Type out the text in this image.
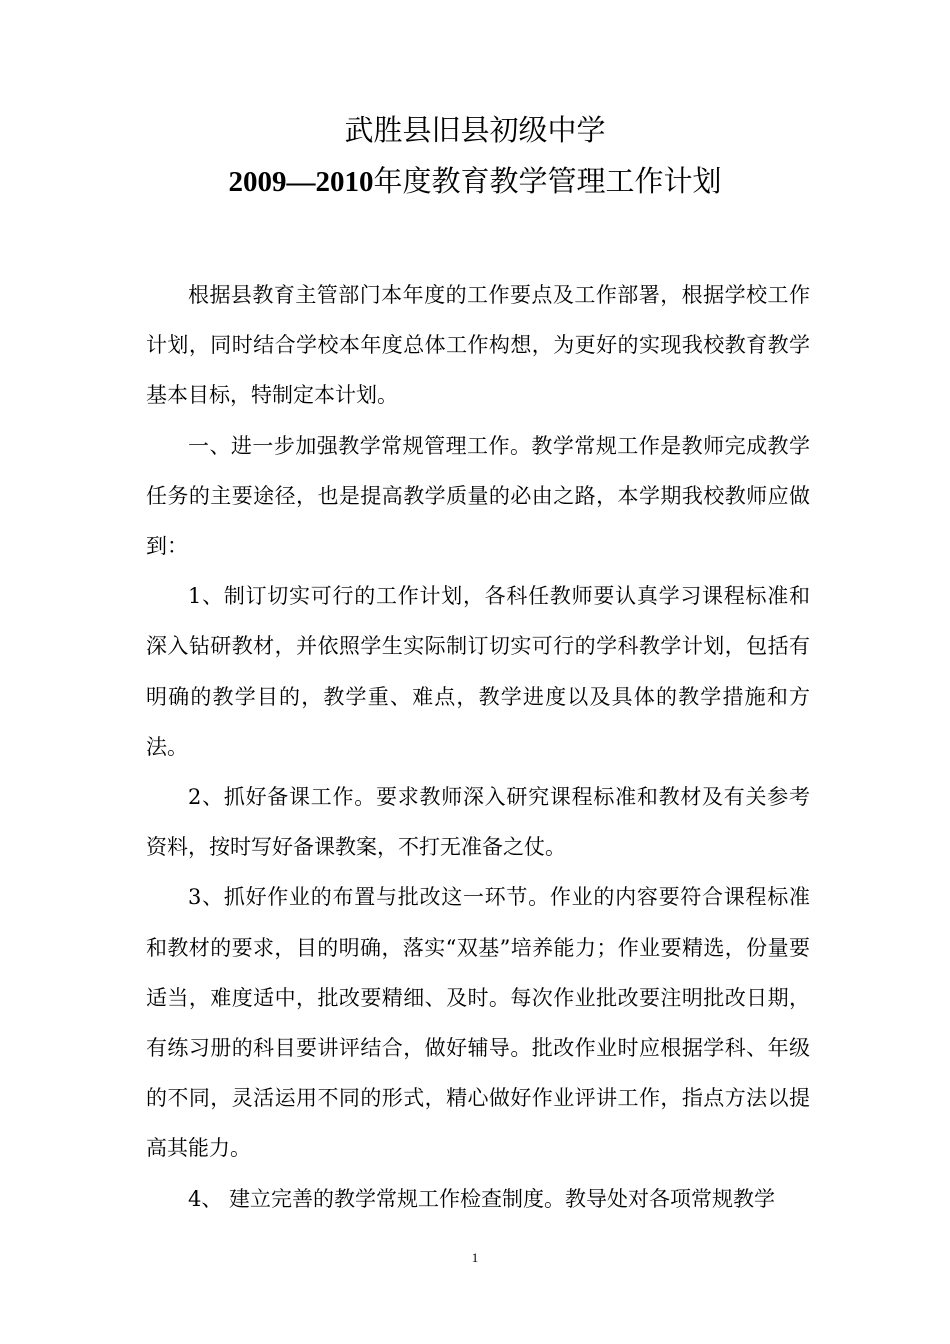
武胜县旧县初级中学
2009—2010年度教育教学管理工作计划

根据县教育主管部门本年度的工作要点及工作部署，根据学校工作计划，同时结合学校本年度总体工作构想，为更好的实现我校教育教学基本目标，特制定本计划。

一、进一步加强教学常规管理工作。教学常规工作是教师完成教学任务的主要途径，也是提高教学质量的必由之路，本学期我校教师应做到：

1、制订切实可行的工作计划，各科任教师要认真学习课程标准和深入钻研教材，并依照学生实际制订切实可行的学科教学计划，包括有明确的教学目的，教学重、难点，教学进度以及具体的教学措施和方法。

2、抓好备课工作。要求教师深入研究课程标准和教材及有关参考资料，按时写好备课教案，不打无准备之仗。

3、抓好作业的布置与批改这一环节。作业的内容要符合课程标准和教材的要求，目的明确，落实“双基”培养能力；作业要精选，份量要适当，难度适中，批改要精细、及时。每次作业批改要注明批改日期，有练习册的科目要讲评结合，做好辅导。批改作业时应根据学科、年级的不同，灵活运用不同的形式，精心做好作业评讲工作，指点方法以提高其能力。

4、 建立完善的教学常规工作检查制度。教导处对各项常规教学

1
